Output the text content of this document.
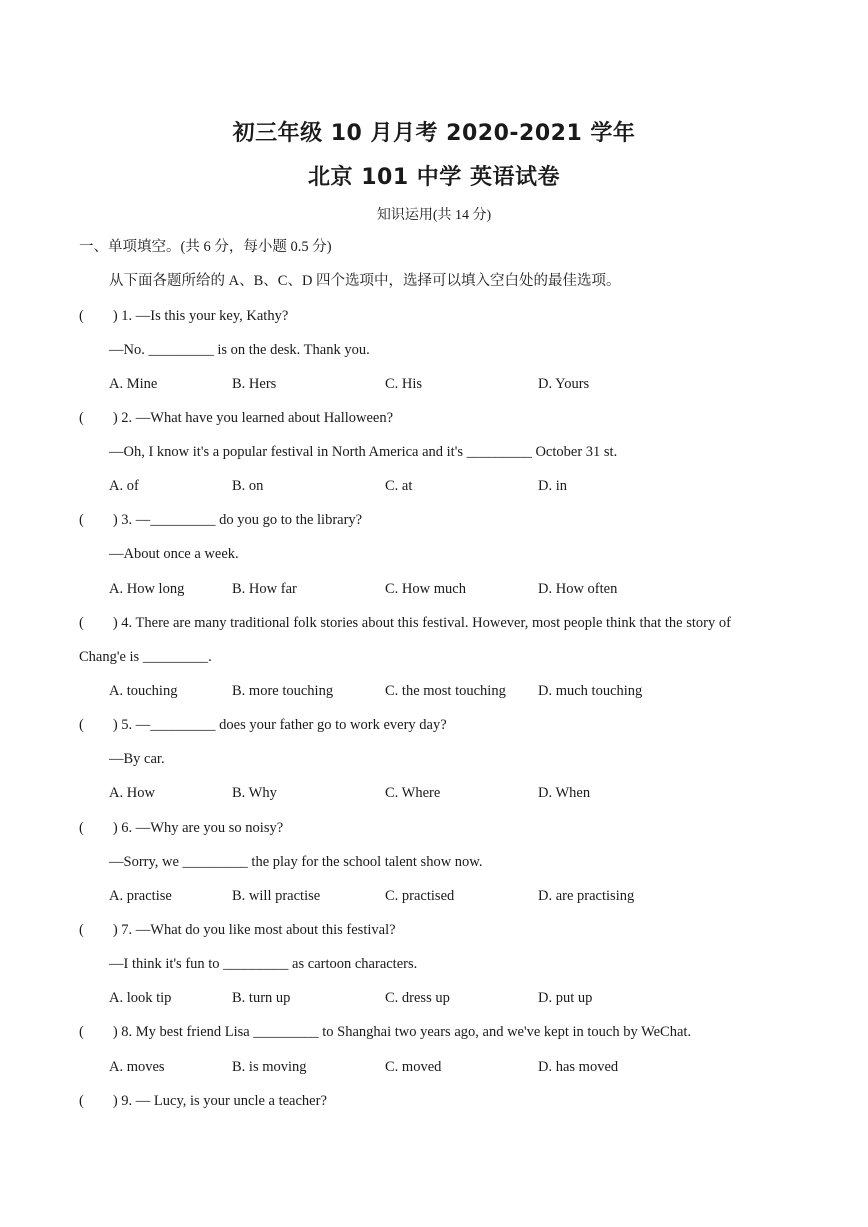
初三年级 10 月月考 2020-2021 学年
北京 101 中学 英语试卷
知识运用(共 14 分)
一、单项填空。(共 6 分，每小题 0.5 分)
从下面各题所给的 A、B、C、D 四个选项中，选择可以填入空白处的最佳选项。
(　　) 1. —Is this your key, Kathy?
—No. _________ is on the desk. Thank you.
A. Mine	B. Hers	C. His	D. Yours
(　　) 2. —What have you learned about Halloween?
—Oh, I know it's a popular festival in North America and it's _________ October 31 st.
A. of	B. on	C. at	D. in
(　　) 3. —_________ do you go to the library?
—About once a week.
A. How long	B. How far	C. How much	D. How often
(　　) 4. There are many traditional folk stories about this festival. However, most people think that the story of
Chang'e is _________.
A. touching	B. more touching	C. the most touching D. much touching
(　　) 5. —_________ does your father go to work every day?
—By car.
A. How	B. Why	C. Where	D. When
(　　) 6. —Why are you so noisy?
—Sorry, we _________ the play for the school talent show now.
A. practise	B. will practise	C. practised	D. are practising
(　　) 7. —What do you like most about this festival?
—I think it's fun to _________ as cartoon characters.
A. look tip	B. turn up	C. dress up	D. put up
(　　) 8. My best friend Lisa _________ to Shanghai two years ago, and we've kept in touch by WeChat.
A. moves	B. is moving	C. moved	D. has moved
(　　) 9. — Lucy, is your uncle a teacher?
